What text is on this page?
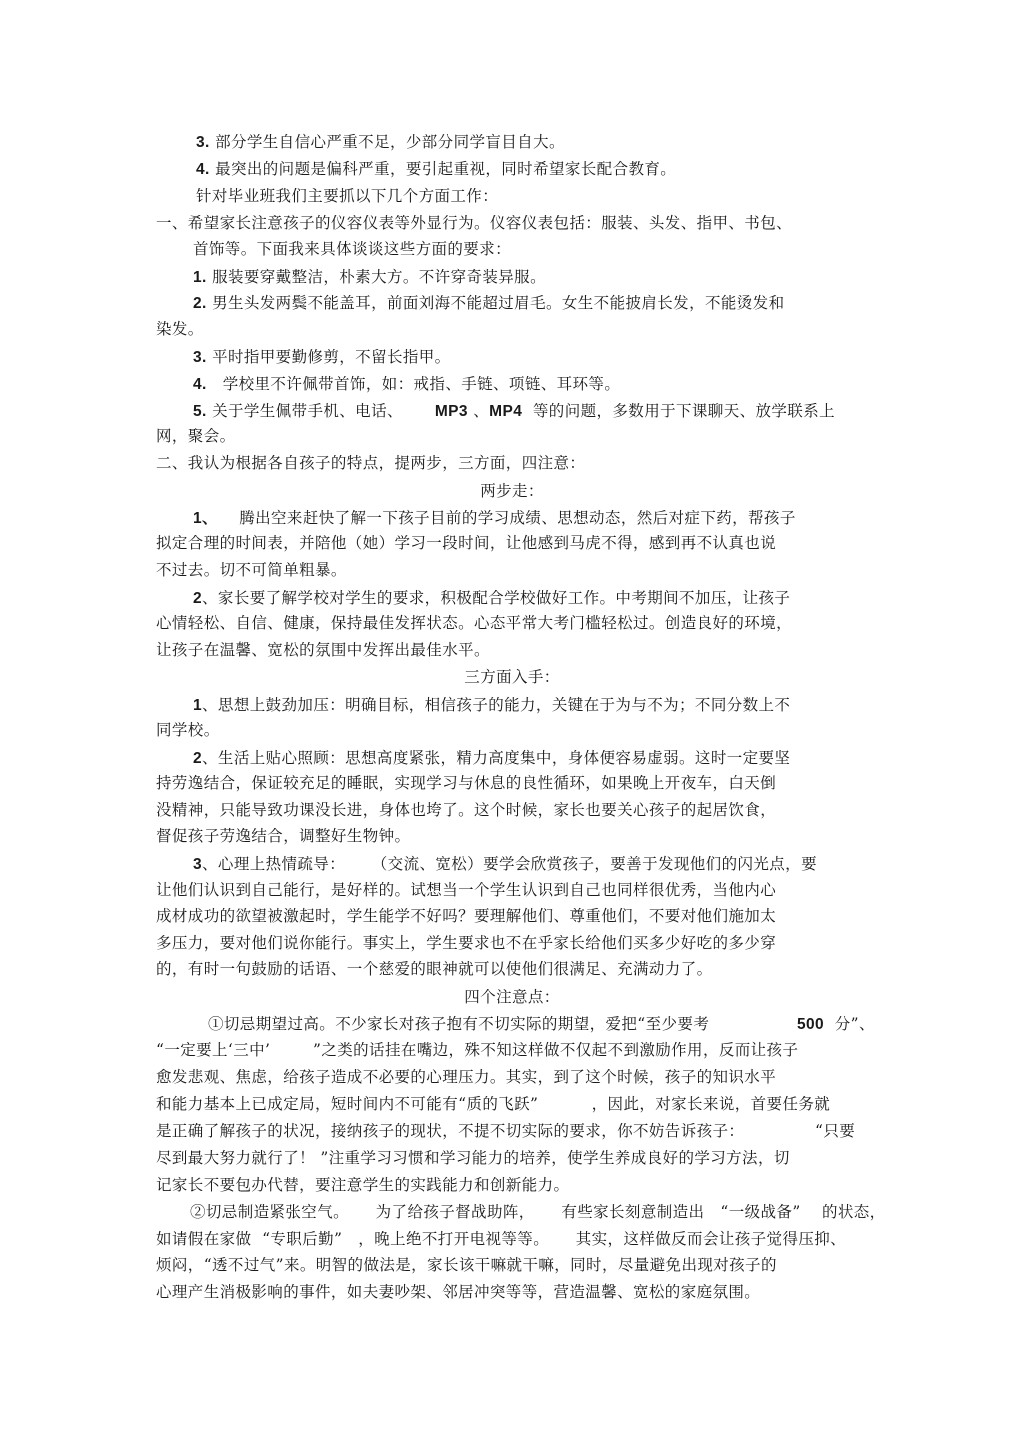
3. 部分学生自信心严重不足，少部分同学盲目自大。
4. 最突出的问题是偏科严重，要引起重视，同时希望家长配合教育。
针对毕业班我们主要抓以下几个方面工作：
一、希望家长注意孩子的仪容仪表等外显行为。仪容仪表包括：服装、头发、指甲、书包、
首饰等。下面我来具体谈谈这些方面的要求：
1. 服装要穿戴整洁，朴素大方。不许穿奇装异服。
2. 男生头发两鬓不能盖耳，前面刘海不能超过眉毛。女生不能披肩长发，不能烫发和
染发。
3. 平时指甲要勤修剪，不留长指甲。
4. 学校里不许佩带首饰，如：戒指、手链、项链、耳环等。
5. 关于学生佩带手机、电话、 MP3 、MP4 等的问题，多数用于下课聊天、放学联系上
网，聚会。
二、我认为根据各自孩子的特点，提两步，三方面，四注意：
两步走：
1、 腾出空来赶快了解一下孩子目前的学习成绩、思想动态，然后对症下药，帮孩子
拟定合理的时间表，并陪他（她）学习一段时间，让他感到马虎不得，感到再不认真也说
不过去。切不可简单粗暴。
2、家长要了解学校对学生的要求，积极配合学校做好工作。中考期间不加压，让孩子
心情轻松、自信、健康，保持最佳发挥状态。心态平常大考门槛轻松过。创造良好的环境，
让孩子在温馨、宽松的氛围中发挥出最佳水平。
三方面入手：
1、思想上鼓劲加压：明确目标，相信孩子的能力，关键在于为与不为；不同分数上不
同学校。
2、生活上贴心照顾：思想高度紧张，精力高度集中，身体便容易虚弱。这时一定要坚
持劳逸结合，保证较充足的睡眠，实现学习与休息的良性循环，如果晚上开夜车，白天倒
没精神，只能导致功课没长进，身体也垮了。这个时候，家长也要关心孩子的起居饮食，
督促孩子劳逸结合，调整好生物钟。
3、心理上热情疏导： （交流、宽松）要学会欣赏孩子，要善于发现他们的闪光点，要
让他们认识到自己能行，是好样的。试想当一个学生认识到自己也同样很优秀，当他内心
成材成功的欲望被激起时，学生能学不好吗？要理解他们、尊重他们，不要对他们施加太
多压力，要对他们说你能行。事实上，学生要求也不在乎家长给他们买多少好吃的多少穿
的，有时一句鼓励的话语、一个慈爱的眼神就可以使他们很满足、充满动力了。
四个注意点：
①切忌期望过高。不少家长对孩子抱有不切实际的期望，爱把“至少要考	500 分”、
“一定要上‘三中’	”之类的话挂在嘴边，殊不知这样做不仅起不到激励作用，反而让孩子
愈发悲观、焦虑，给孩子造成不必要的心理压力。其实，到了这个时候，孩子的知识水平
和能力基本上已成定局，短时间内不可能有“质的飞跃”	，因此，对家长来说，首要任务就
是正确了解孩子的状况，接纳孩子的现状，不提不切实际的要求，你不妨告诉孩子：	“只要
尽到最大努力就行了！ ”注重学习习惯和学习能力的培养，使学生养成良好的学习方法，切
记家长不要包办代替，要注意学生的实践能力和创新能力。
②切忌制造紧张空气。 为了给孩子督战助阵， 有些家长刻意制造出 “一级战备” 的状态，
如请假在家做 “专职后勤” ，晚上绝不打开电视等等。 其实，这样做反而会让孩子觉得压抑、
烦闷，“透不过气”来。明智的做法是，家长该干嘛就干嘛，同时，尽量避免出现对孩子的
心理产生消极影响的事件，如夫妻吵架、邻居冲突等等，营造温馨、宽松的家庭氛围。
